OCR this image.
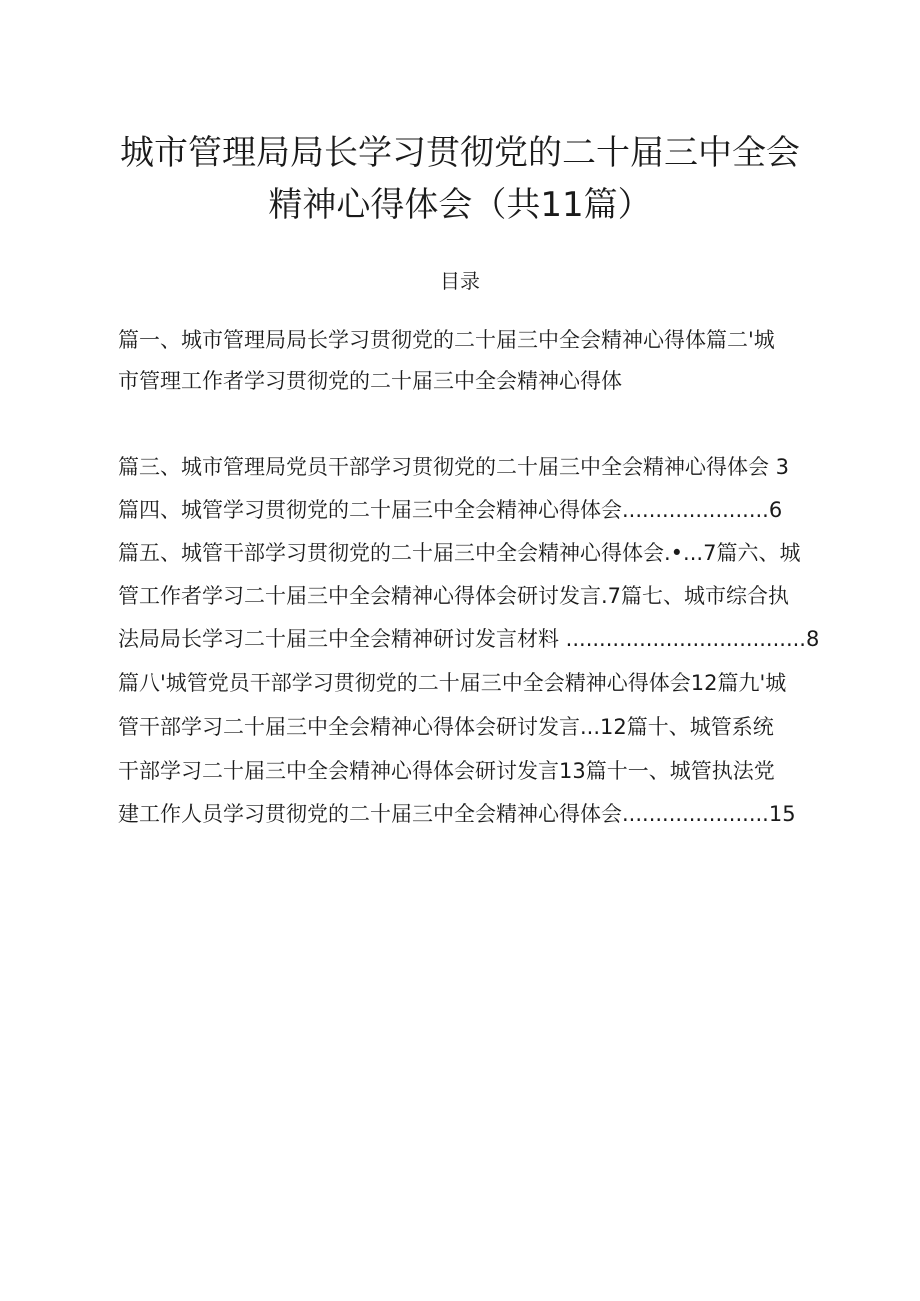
城市管理局局长学习贯彻党的二十届三中全会
精神心得体会（共11篇）
目录
篇一、城市管理局局长学习贯彻党的二十届三中全会精神心得体篇二'城
市管理工作者学习贯彻党的二十届三中全会精神心得体
篇三、城市管理局党员干部学习贯彻党的二十届三中全会精神心得体会 3
篇四、城管学习贯彻党的二十届三中全会精神心得体会......................6
篇五、城管干部学习贯彻党的二十届三中全会精神心得体会.•...7篇六、城
管工作者学习二十届三中全会精神心得体会研讨发言.7篇七、城市综合执
法局局长学习二十届三中全会精神研讨发言材料 ....................................8
篇八'城管党员干部学习贯彻党的二十届三中全会精神心得体会12篇九'城
管干部学习二十届三中全会精神心得体会研讨发言...12篇十、城管系统
干部学习二十届三中全会精神心得体会研讨发言13篇十一、城管执法党
建工作人员学习贯彻党的二十届三中全会精神心得体会......................15
